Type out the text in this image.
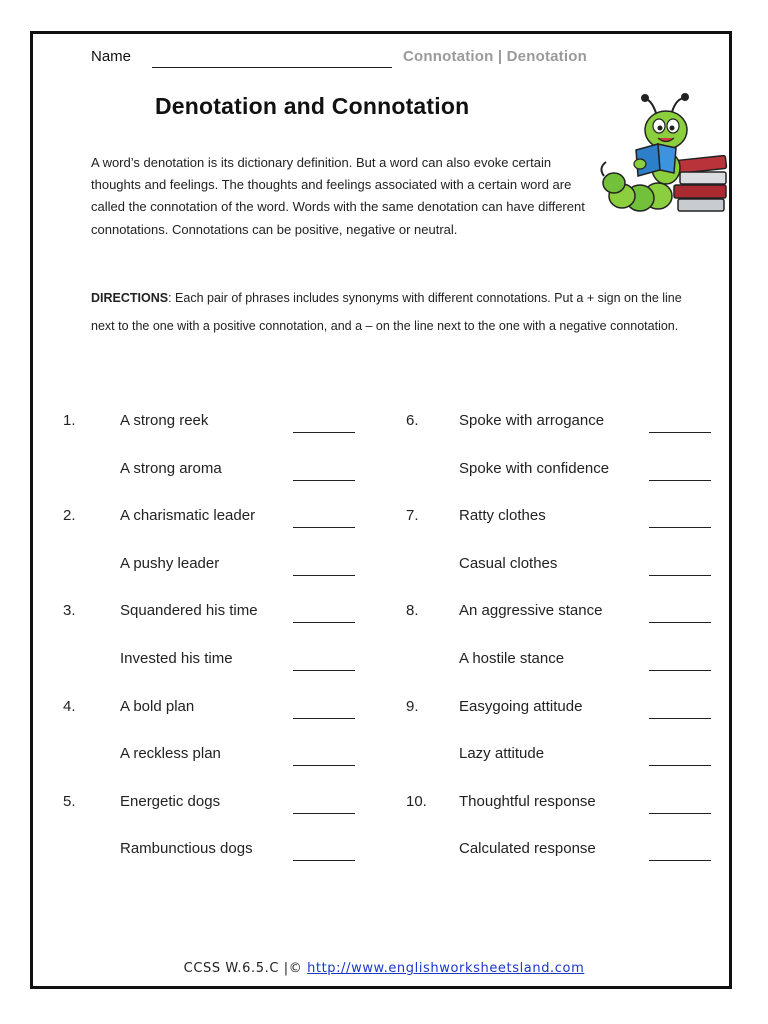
Name	Connotation | Denotation
Denotation and Connotation
A word’s denotation is its dictionary definition. But a word can also evoke certain thoughts and feelings. The thoughts and feelings associated with a certain word are called the connotation of the word. Words with the same denotation can have different connotations. Connotations can be positive, negative or neutral.
DIRECTIONS: Each pair of phrases includes synonyms with different connotations. Put a + sign on the line next to the one with a positive connotation, and a – on the line next to the one with a negative connotation.
1.	A strong reek
A strong aroma
2.	A charismatic leader
A pushy leader
3.	Squandered his time
Invested his time
4.	A bold plan
A reckless plan
5.	Energetic dogs
Rambunctious dogs
6.	Spoke with arrogance
Spoke with confidence
7.	Ratty clothes
Casual clothes
8.	An aggressive stance
A hostile stance
9.	Easygoing attitude
Lazy attitude
10. Thoughtful response
Calculated response
CCSS W.6.5.C |© http://www.englishworksheetsland.com
